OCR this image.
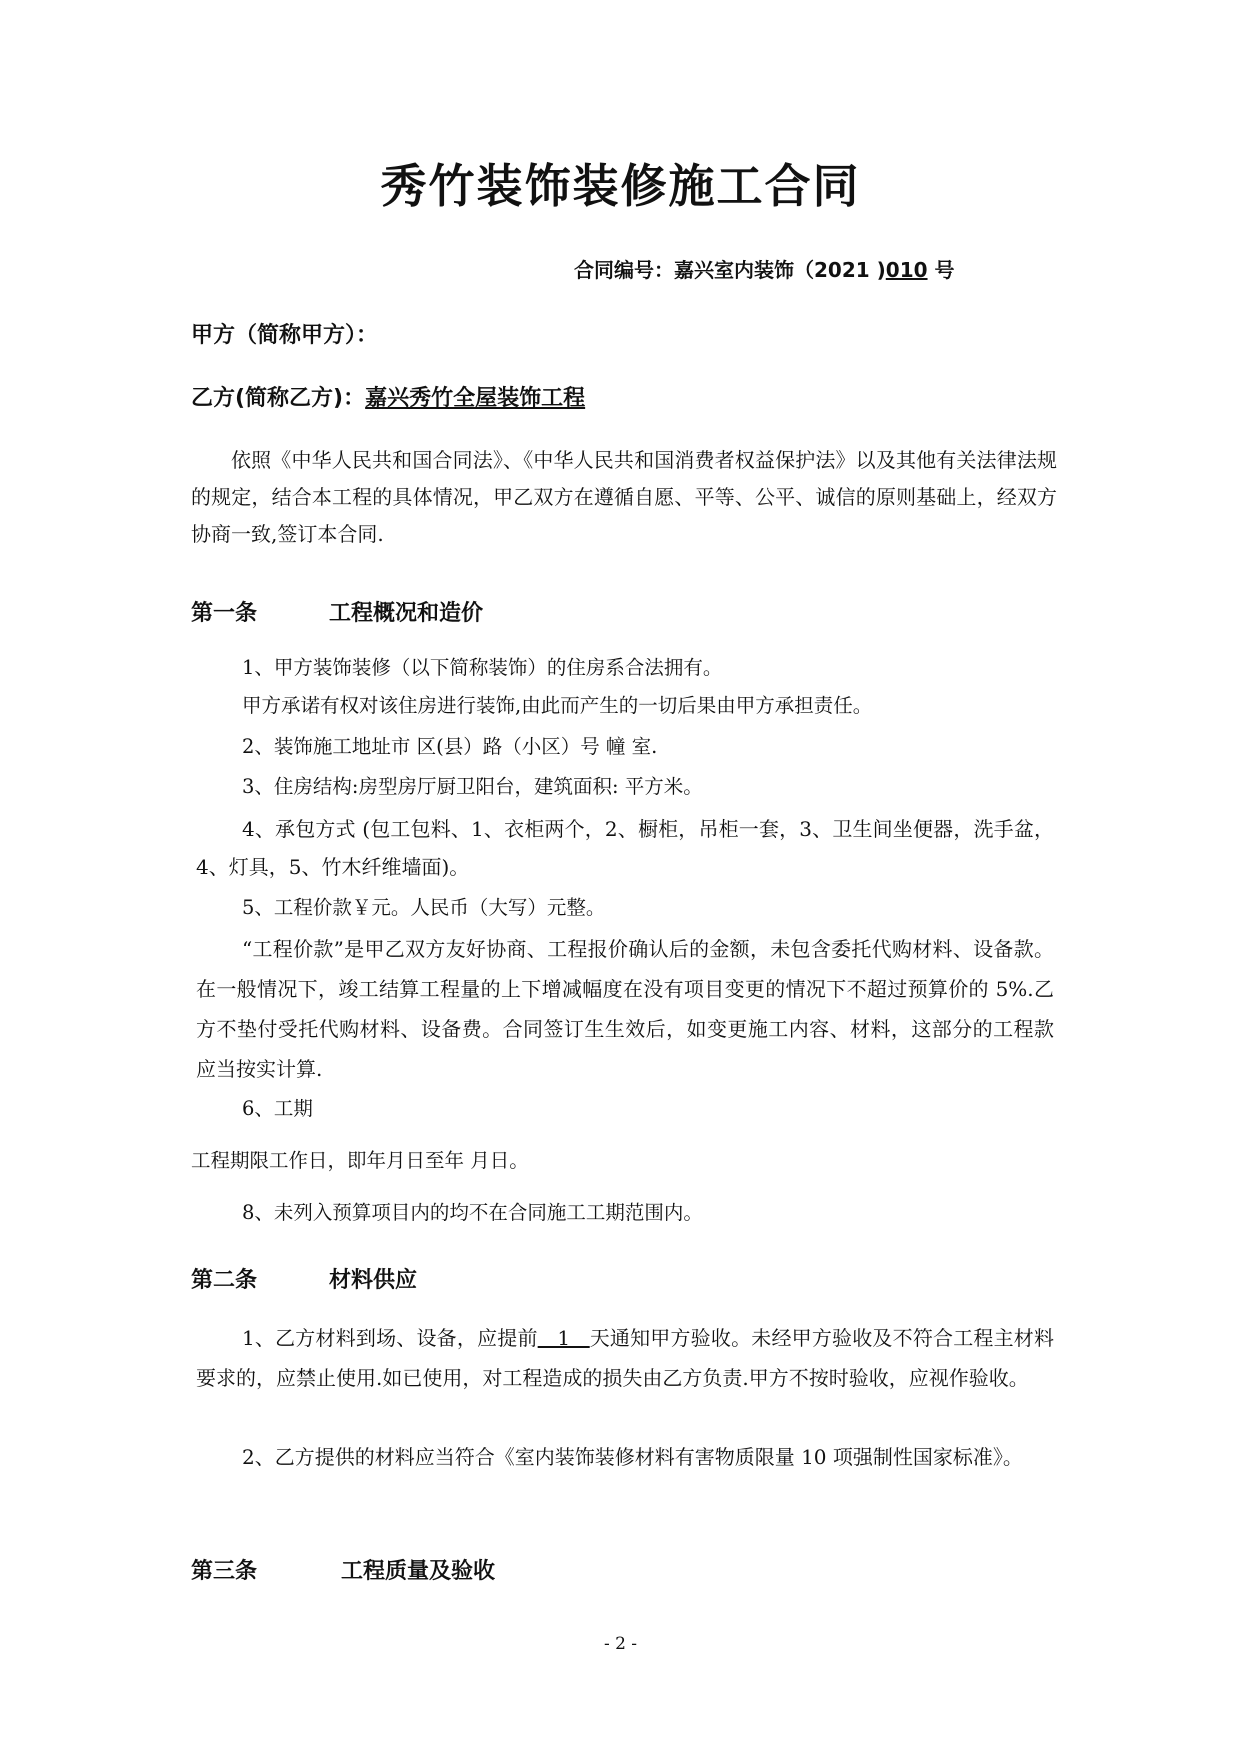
秀竹装饰装修施工合同
合同编号：嘉兴室内装饰（2021 )010 号
甲方（简称甲方）：
乙方(简称乙方)：嘉兴秀竹全屋装饰工程
依照《中华人民共和国合同法》、《中华人民共和国消费者权益保护法》以及其他有关法律法规的规定，结合本工程的具体情况，甲乙双方在遵循自愿、平等、公平、诚信的原则基础上，经双方协商一致,签订本合同.
第一条	工程概况和造价
1、甲方装饰装修（以下简称装饰）的住房系合法拥有。
甲方承诺有权对该住房进行装饰,由此而产生的一切后果由甲方承担责任。
2、装饰施工地址市 区(县）路（小区）号 幢 室.
3、住房结构:房型房厅厨卫阳台，建筑面积: 平方米。
4、承包方式 (包工包料、1、衣柜两个，2、橱柜，吊柜一套，3、卫生间坐便器，洗手盆，4、灯具，5、竹木纤维墙面)。
5、工程价款￥元。人民币（大写）元整。
“工程价款”是甲乙双方友好协商、工程报价确认后的金额，未包含委托代购材料、设备款。在一般情况下，竣工结算工程量的上下增减幅度在没有项目变更的情况下不超过预算价的 5%.乙方不垫付受托代购材料、设备费。合同签订生生效后，如变更施工内容、材料，这部分的工程款应当按实计算.
6、工期
工程期限工作日，即年月日至年 月日。
8、未列入预算项目内的均不在合同施工工期范围内。
第二条	材料供应
1、乙方材料到场、设备，应提前   1   天通知甲方验收。未经甲方验收及不符合工程主材料要求的，应禁止使用.如已使用，对工程造成的损失由乙方负责.甲方不按时验收，应视作验收。
2、乙方提供的材料应当符合《室内装饰装修材料有害物质限量 10 项强制性国家标准》。
第三条	工程质量及验收
- 2 -
